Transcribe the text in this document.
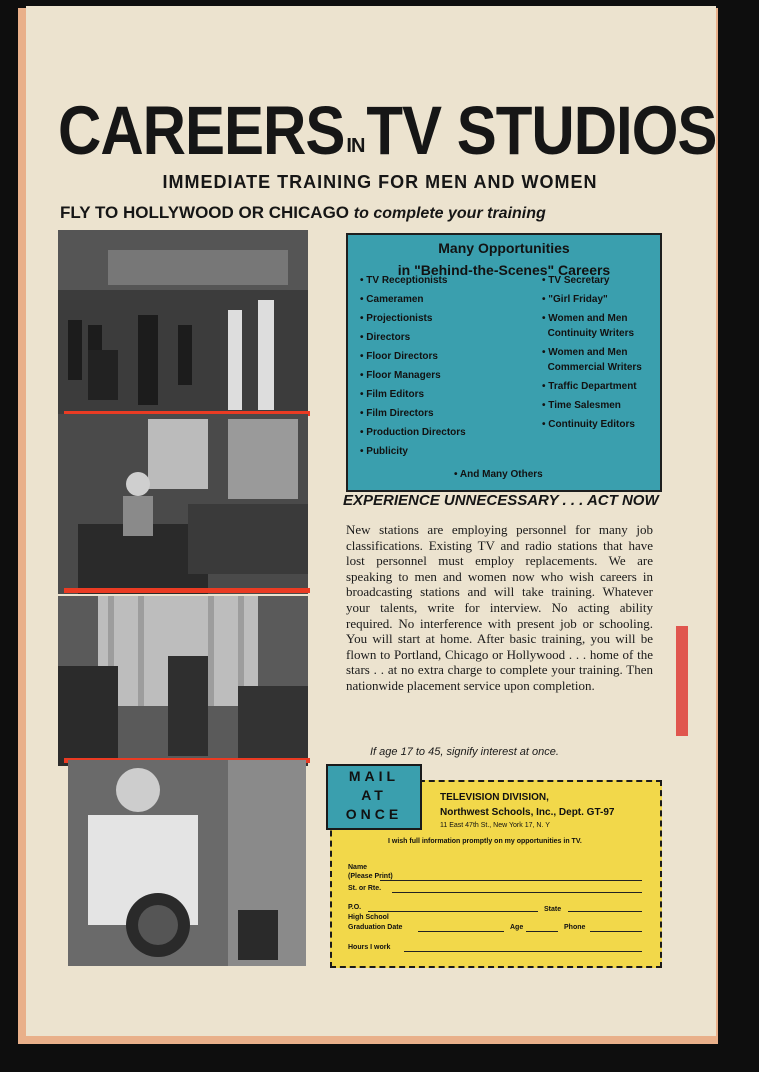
CAREERS INTV STUDIOS
IMMEDIATE TRAINING FOR MEN AND WOMEN
FLY TO HOLLYWOOD OR CHICAGO to complete your training
Many Opportunities
in "Behind-the-Scenes" Careers
• TV Receptionists
• Cameramen
• Projectionists
• Directors
• Floor Directors
• Floor Managers
• Film Editors
• Film Directors
• Production Directors
• Publicity
• TV Secretary
• "Girl Friday"
• Women and Men
Continuity Writers
• Women and Men
Commercial Writers
• Traffic Department
• Time Salesmen
• Continuity Editors
• And Many Others
EXPERIENCE UNNECESSARY . . . ACT NOW
New stations are employing personnel for many job classifications. Existing TV and radio stations that have lost personnel must employ replacements. We are speaking to men and women now who wish careers in broadcasting stations and will take training. Whatever your talents, write for interview. No acting ability required. No interference with present job or schooling. You will start at home. After basic training, you will be flown to Portland, Chicago or Hollywood . . . home of the stars . . at no extra charge to complete your training. Then nationwide placement service upon completion.
If age 17 to 45, signify interest at once.
TELEVISION DIVISION,
Northwest Schools, Inc., Dept. GT-97
11 East 47th St., New York 17, N. Y
I wish full information promptly on my opportunities in TV.
Name
(Please Print)
St. or Rte.
P.O.	State
High School
Graduation Date	Age	Phone
Hours I work
MAIL
AT
ONCE
